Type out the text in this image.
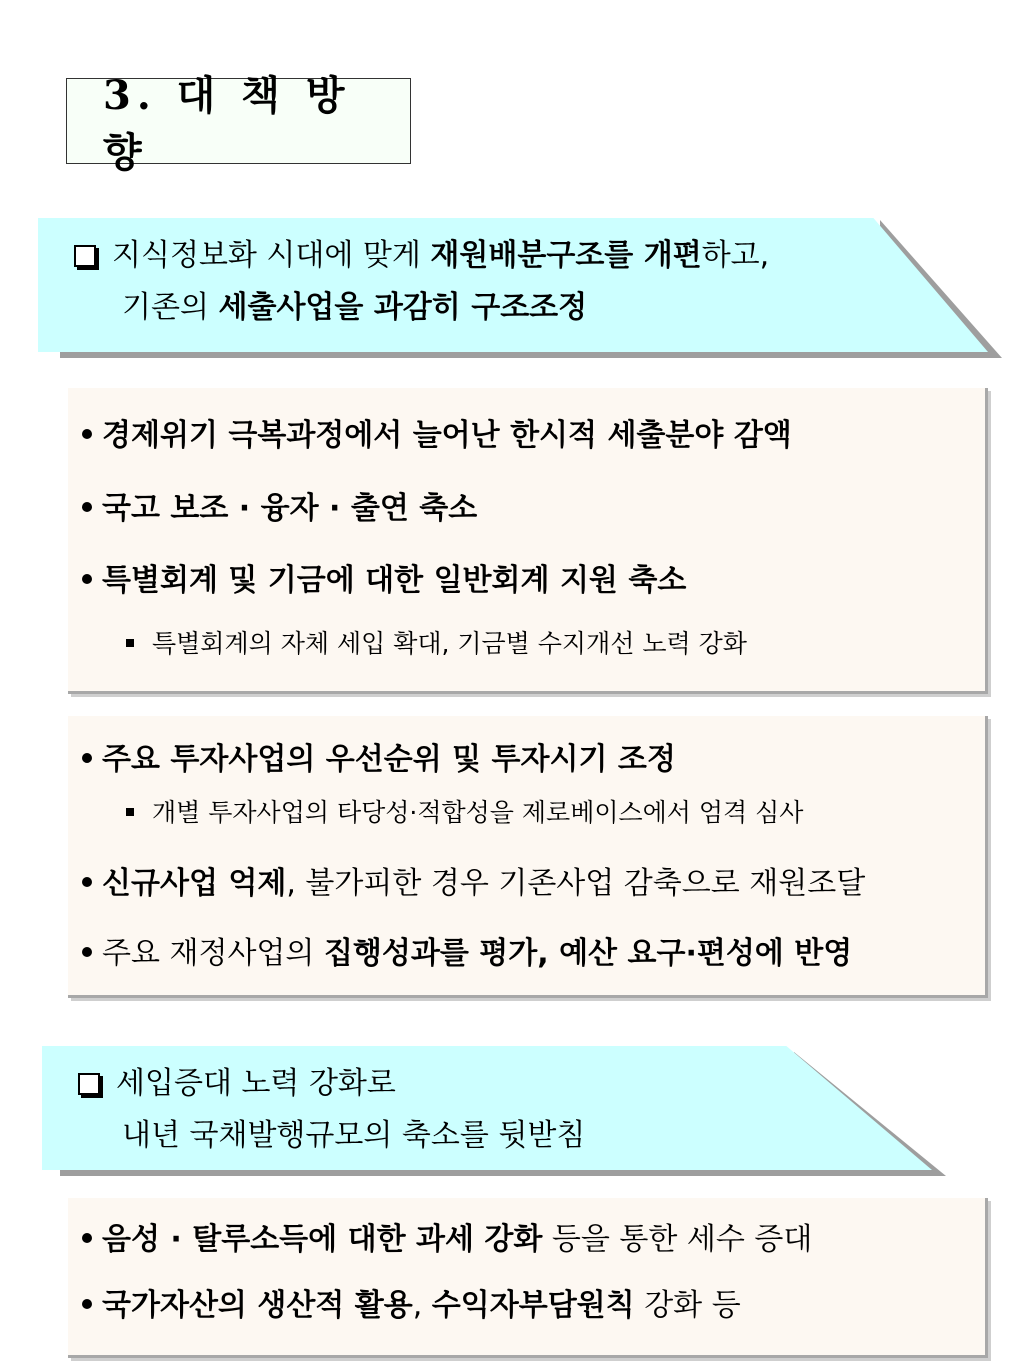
3. 대 책 방 향
지식정보화 시대에 맞게 재원배분구조를 개편하고,
기존의 세출사업을 과감히 구조조정
경제위기 극복과정에서 늘어난 한시적 세출분야 감액
국고 보조 · 융자 · 출연 축소
특별회계 및 기금에 대한 일반회계 지원 축소
특별회계의 자체 세입 확대, 기금별 수지개선 노력 강화
주요 투자사업의 우선순위 및 투자시기 조정
개별 투자사업의 타당성·적합성을 제로베이스에서 엄격 심사
신규사업 억제, 불가피한 경우 기존사업 감축으로 재원조달
주요 재정사업의 집행성과를 평가, 예산 요구·편성에 반영
세입증대 노력 강화로
내년 국채발행규모의 축소를 뒷받침
음성 · 탈루소득에 대한 과세 강화 등을 통한 세수 증대
국가자산의 생산적 활용, 수익자부담원칙 강화 등
